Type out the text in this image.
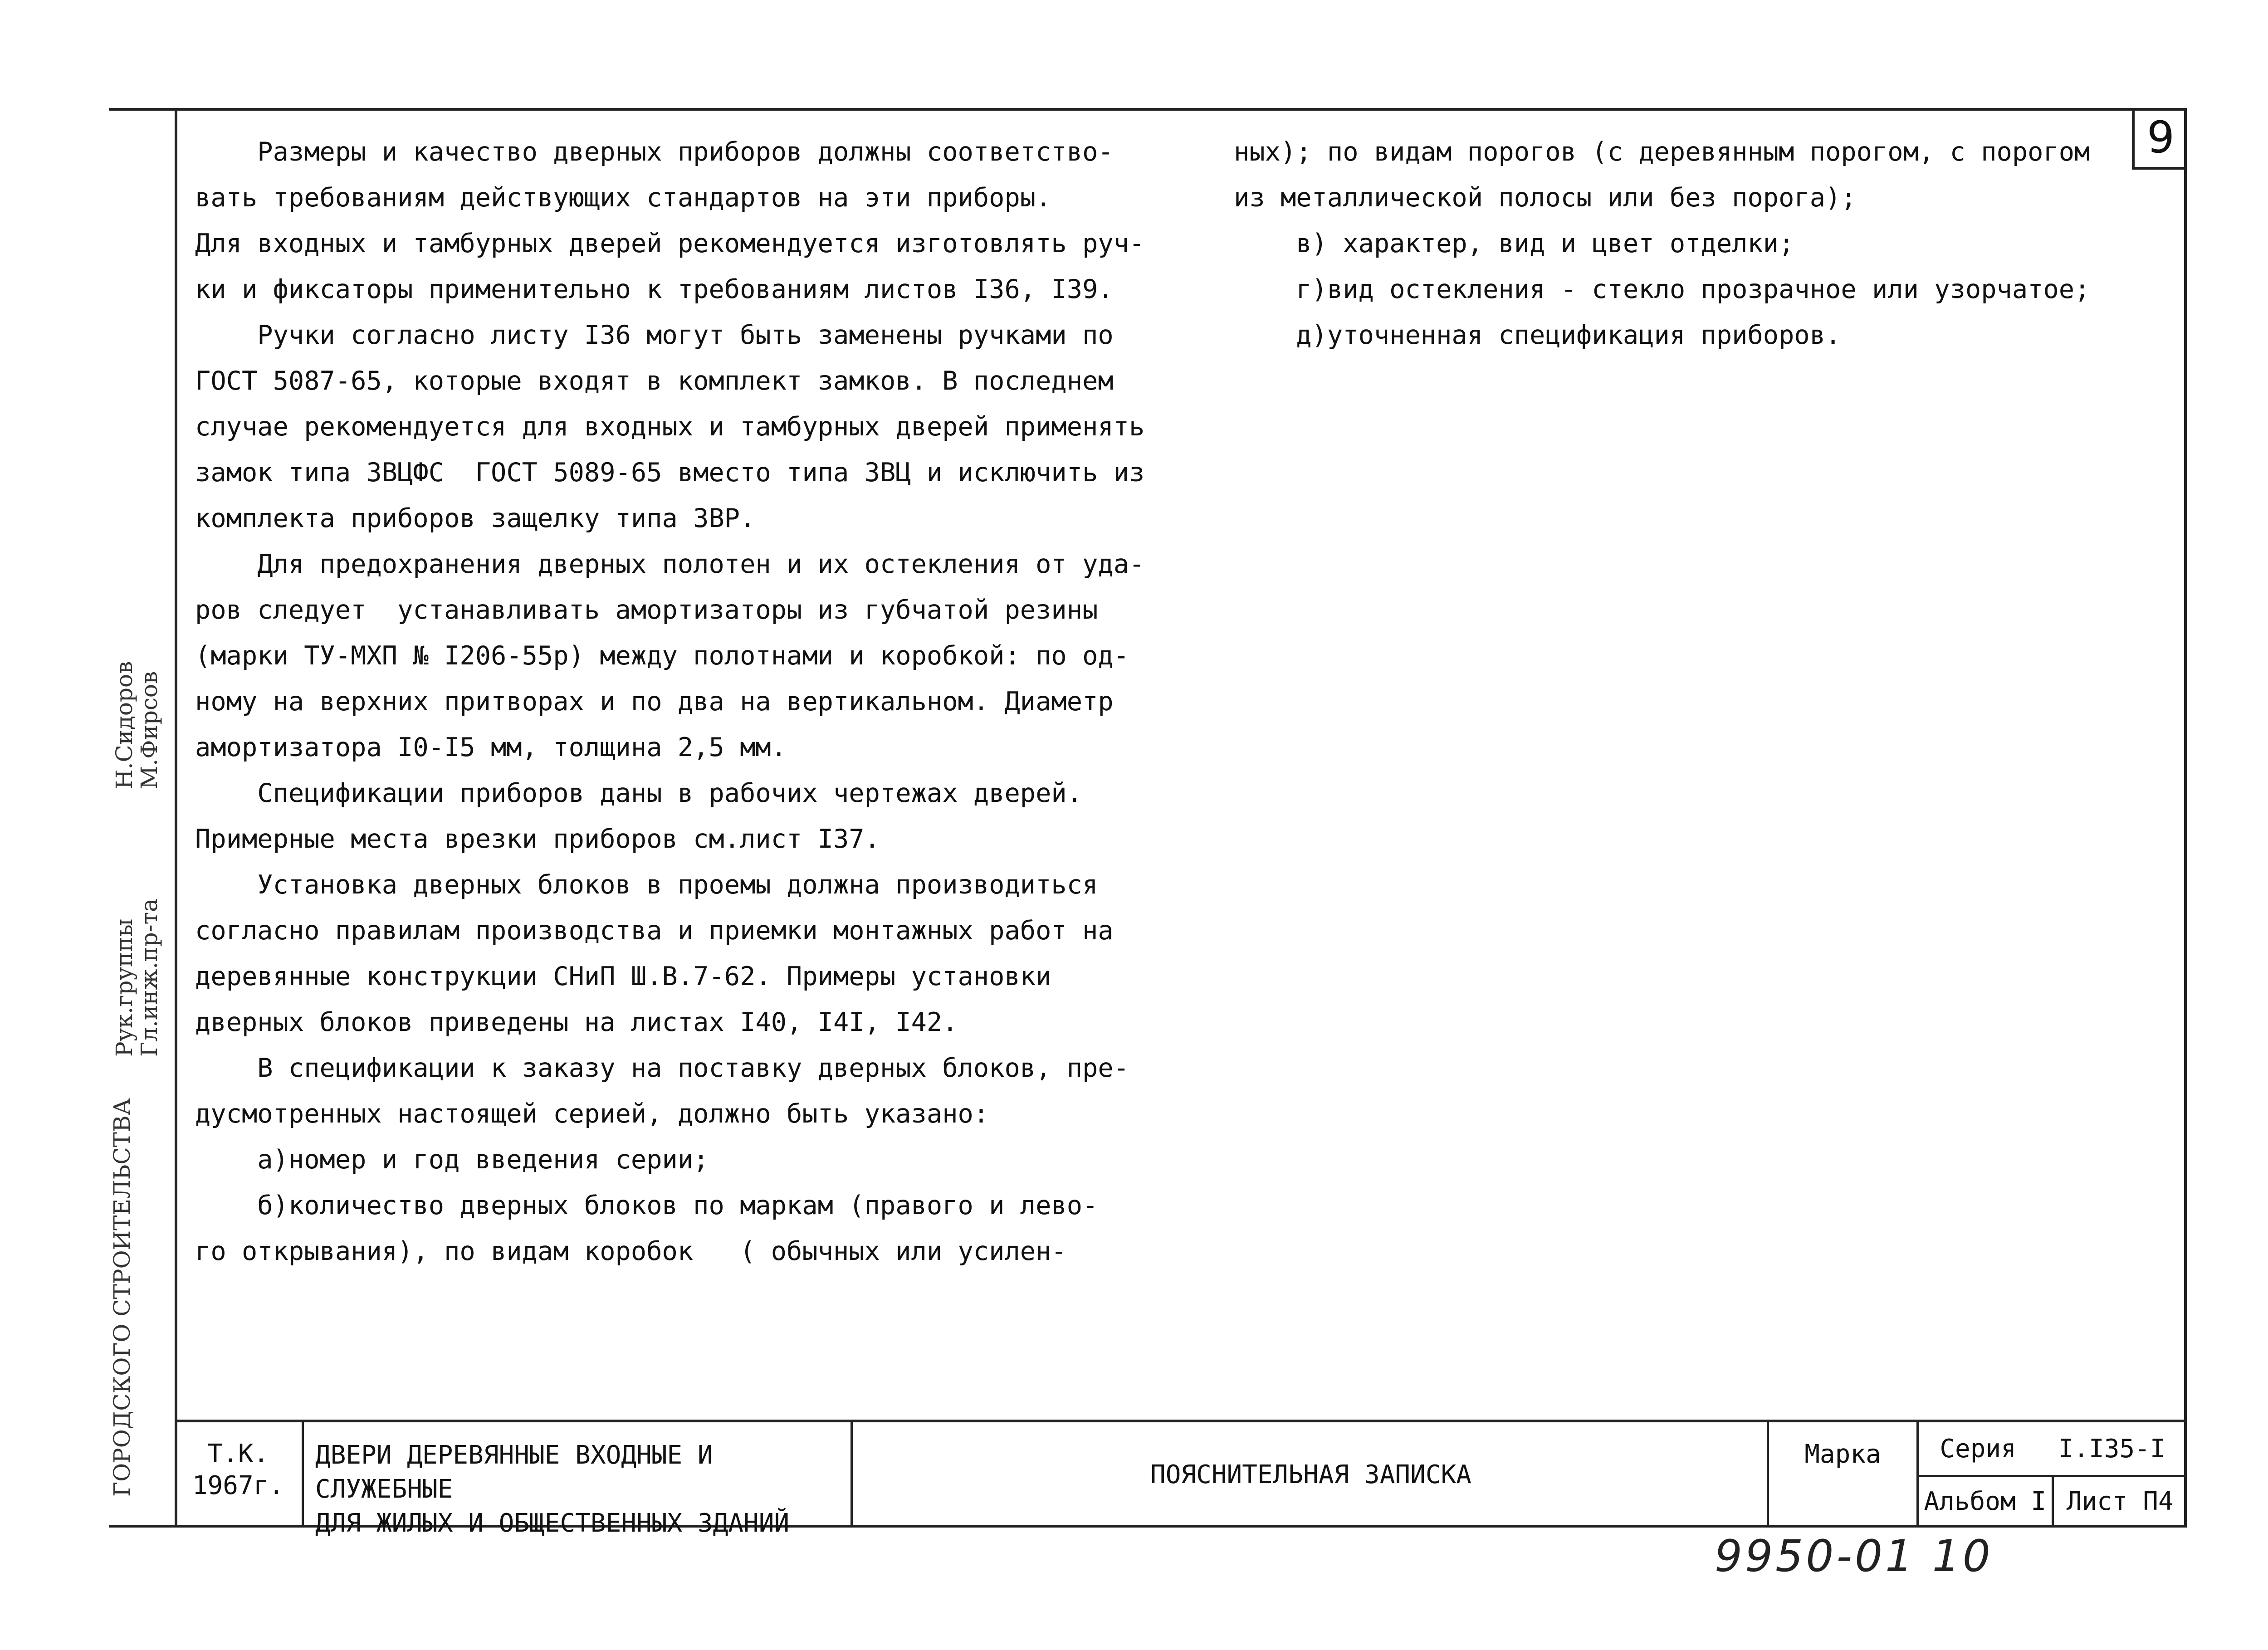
9

Размеры и качество дверных приборов должны соответство-

вать требованиям действующих стандартов на эти приборы.

Для входных и тамбурных дверей рекомендуется изготовлять руч-

ки и фиксаторы применительно к требованиям листов I36, I39.

Ручки согласно листу I36 могут быть заменены ручками по

ГОСТ 5087-65, которые входят в комплект замков. В последнем

случае рекомендуется для входных и тамбурных дверей применять

замок типа ЗВЦФС  ГОСТ 5089-65 вместо типа ЗВЦ и исключить из

комплекта приборов защелку типа ЗВР.

Для предохранения дверных полотен и их остекления от уда-

ров следует  устанавливать амортизаторы из губчатой резины

(марки ТУ-МХП № I206-55р) между полотнами и коробкой: по од-

ному на верхних притворах и по два на вертикальном. Диаметр

амортизатора I0-I5 мм, толщина 2,5 мм.

Спецификации приборов даны в рабочих чертежах дверей.

Примерные места врезки приборов см.лист I37.

Установка дверных блоков в проемы должна производиться

согласно правилам производства и приемки монтажных работ на

деревянные конструкции СНиП Ш.В.7-62. Примеры установки

дверных блоков приведены на листах I40, I4I, I42.

В спецификации к заказу на поставку дверных блоков, пре-

дусмотренных настоящей серией, должно быть указано:

а)номер и год введения серии;

б)количество дверных блоков по маркам (правого и лево-

го открывания), по видам коробок   ( обычных или усилен-

ных); по видам порогов (с деревянным порогом, с порогом

из металлической полосы или без порога);

в) характер, вид и цвет отделки;

г)вид остекления - стекло прозрачное или узорчатое;

д)уточненная спецификация приборов.

ГОРОДСКОГО СТРОИТЕЛЬСТВА
Рук.группы
Гл.инж.пр-та
Н.Сидоров
М.Фирсов
Т.К.
1967г.
ДВЕРИ ДЕРЕВЯННЫЕ ВХОДНЫЕ И СЛУЖЕБНЫЕ
ДЛЯ ЖИЛЫХ И ОБЩЕСТВЕННЫХ ЗДАНИЙ
ПОЯСНИТЕЛЬНАЯ ЗАПИСКА
Марка	Серия I.I35-I
Альбом I Лист П4
9950-01 10
